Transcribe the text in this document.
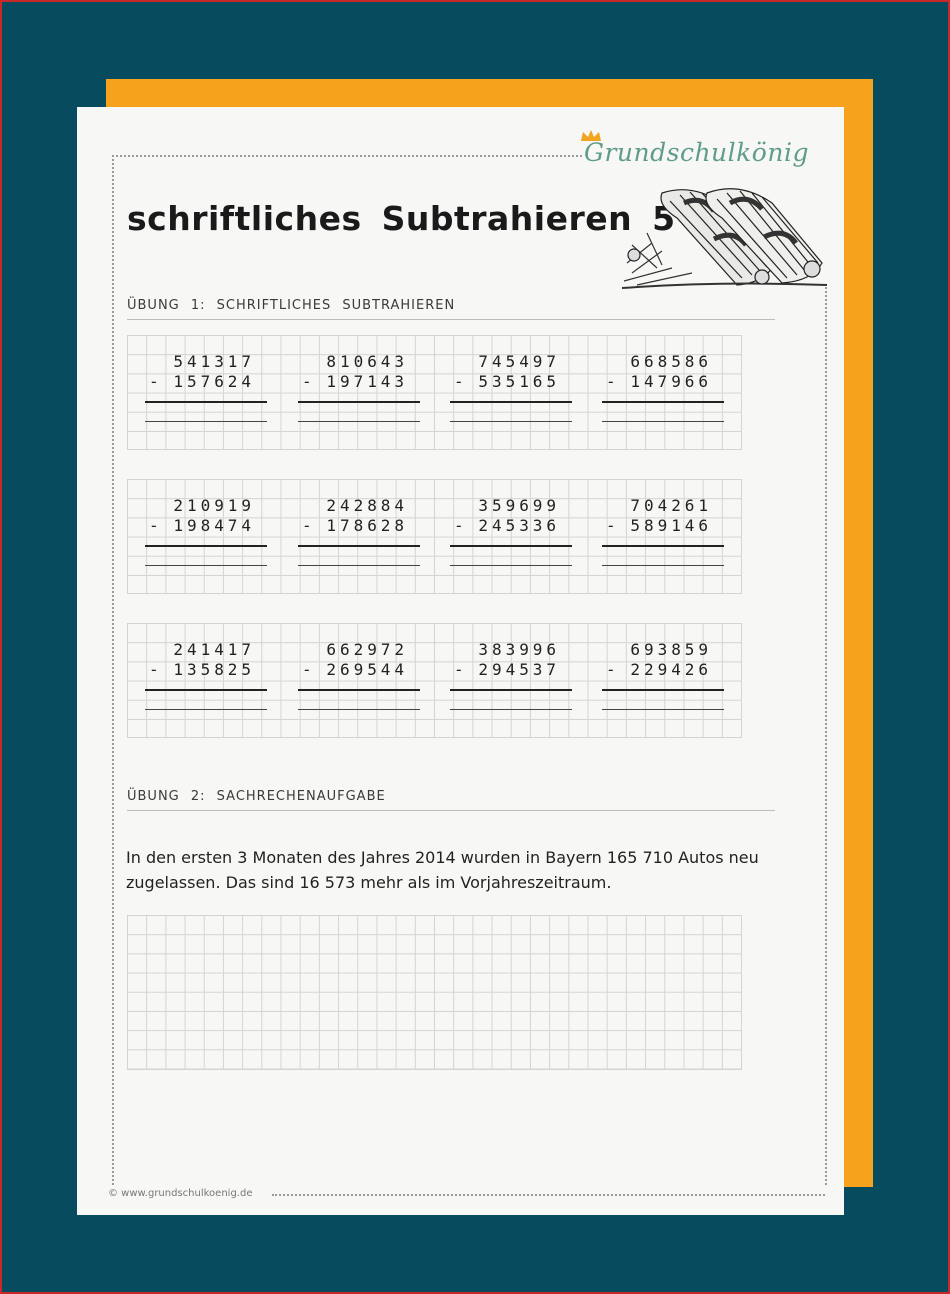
Grundschulkönig
schriftliches Subtrahieren 5
ÜBUNG 1: SCHRIFTLICHES SUBTRAHIEREN
5 4 1 3 1 7
- 1 5 7 6 2 4
8 1 0 6 4 3
- 1 9 7 1 4 3
7 4 5 4 9 7
- 5 3 5 1 6 5
6 6 8 5 8 6
- 1 4 7 9 6 6
2 1 0 9 1 9
- 1 9 8 4 7 4
2 4 2 8 8 4
- 1 7 8 6 2 8
3 5 9 6 9 9
- 2 4 5 3 3 6
7 0 4 2 6 1
- 5 8 9 1 4 6
2 4 1 4 1 7
- 1 3 5 8 2 5
6 6 2 9 7 2
- 2 6 9 5 4 4
3 8 3 9 9 6
- 2 9 4 5 3 7
6 9 3 8 5 9
- 2 2 9 4 2 6
ÜBUNG 2: SACHRECHENAUFGABE
In den ersten 3 Monaten des Jahres 2014 wurden in Bayern 165 710 Autos neu
zugelassen. Das sind 16 573 mehr als im Vorjahreszeitraum.
© www.grundschulkoenig.de
